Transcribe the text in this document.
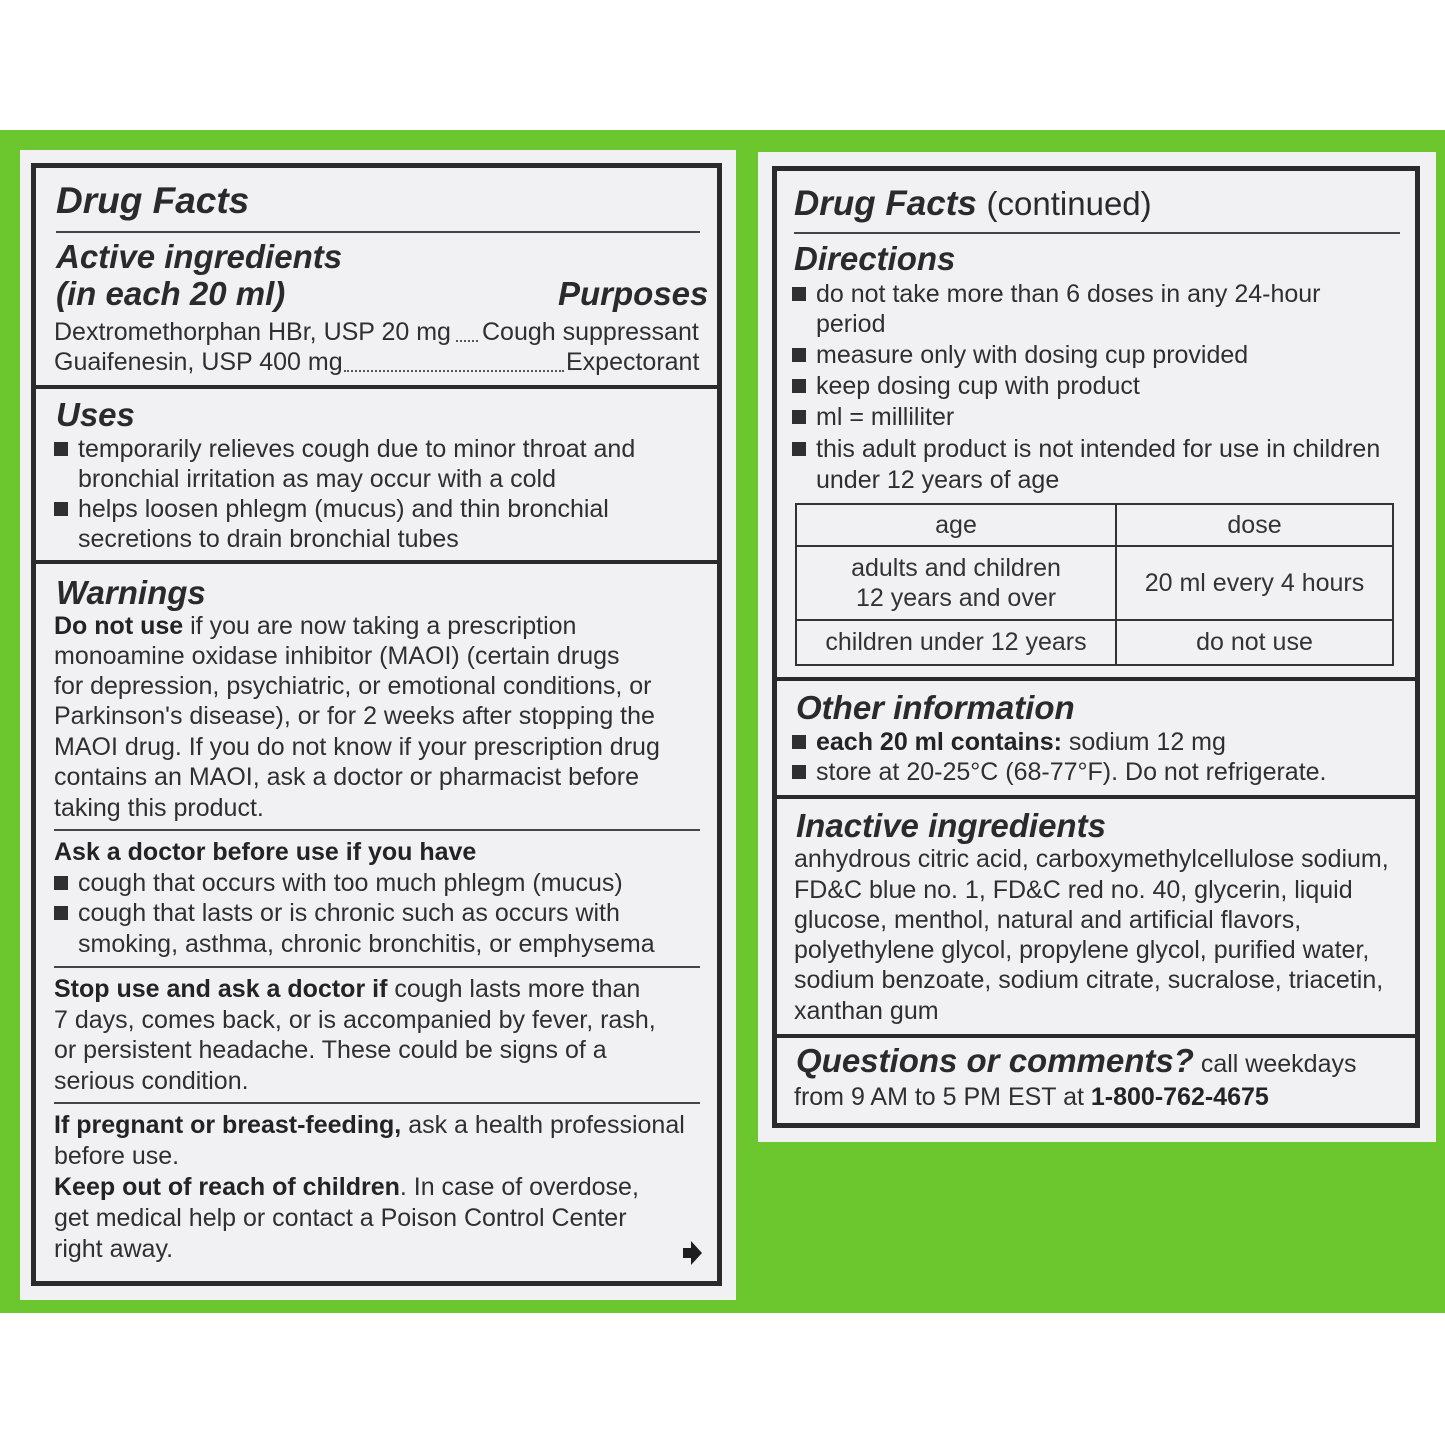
Drug Facts
Active ingredients
(in each 20 ml)	Purposes
Dextromethorphan HBr, USP 20 mg Cough suppressant
Guaifenesin, USP 400 mg	Expectorant
Uses
temporarily relieves cough due to minor throat and
bronchial irritation as may occur with a cold
helps loosen phlegm (mucus) and thin bronchial
secretions to drain bronchial tubes
Warnings
Do not use if you are now taking a prescription
monoamine oxidase inhibitor (MAOI) (certain drugs
for depression, psychiatric, or emotional conditions, or
Parkinson's disease), or for 2 weeks after stopping the
MAOI drug. If you do not know if your prescription drug
contains an MAOI, ask a doctor or pharmacist before
taking this product.
Ask a doctor before use if you have
cough that occurs with too much phlegm (mucus)
cough that lasts or is chronic such as occurs with
smoking, asthma, chronic bronchitis, or emphysema
Stop use and ask a doctor if cough lasts more than
7 days, comes back, or is accompanied by fever, rash,
or persistent headache. These could be signs of a
serious condition.
If pregnant or breast-feeding, ask a health professional
before use.
Keep out of reach of children. In case of overdose,
get medical help or contact a Poison Control Center
right away.
Drug Facts (continued)
Directions
do not take more than 6 doses in any 24-hour
period
measure only with dosing cup provided
keep dosing cup with product
ml = milliliter
this adult product is not intended for use in children
under 12 years of age
age	dose
adults and children
12 years and over	20 ml every 4 hours
children under 12 years	do not use
Other information
each 20 ml contains: sodium 12 mg
store at 20-25°C (68-77°F). Do not refrigerate.
Inactive ingredients
anhydrous citric acid, carboxymethylcellulose sodium,
FD&C blue no. 1, FD&C red no. 40, glycerin, liquid
glucose, menthol, natural and artificial flavors,
polyethylene glycol, propylene glycol, purified water,
sodium benzoate, sodium citrate, sucralose, triacetin,
xanthan gum
Questions or comments? call weekdays
from 9 AM to 5 PM EST at 1-800-762-4675
